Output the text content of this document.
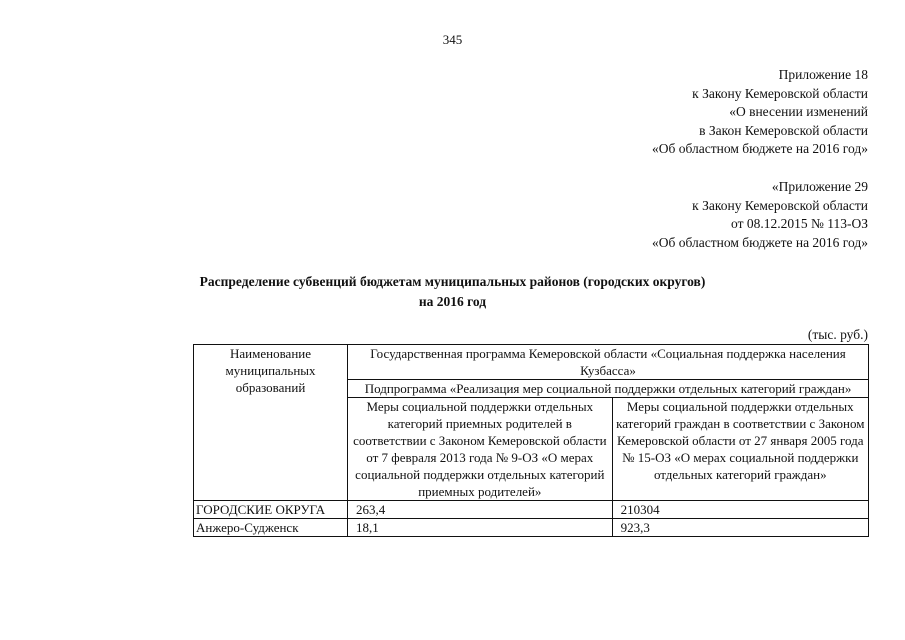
345
Приложение 18
к Закону Кемеровской области
«О внесении изменений
в Закон Кемеровской области
«Об областном бюджете на 2016 год»
«Приложение 29
к Закону Кемеровской области
от 08.12.2015 № 113-ОЗ
«Об областном бюджете на 2016 год»
Распределение субвенций бюджетам муниципальных районов (городских округов)
на 2016 год
(тыс. руб.)
Наименование муниципальных образований	Государственная программа Кемеровской области «Социальная поддержка населения Кузбасса»	
	Подпрограмма «Реализация мер социальной поддержки отдельных категорий граждан»	
	Меры социальной поддержки отдельных категорий приемных родителей в соответствии с Законом Кемеровской области от 7 февраля 2013 года № 9-ОЗ «О мерах социальной поддержки отдельных категорий приемных родителей»	Меры социальной поддержки отдельных категорий граждан в соответствии с Законом Кемеровской области от 27 января 2005 года № 15-ОЗ «О мерах социальной поддержки отдельных категорий граждан»
ГОРОДСКИЕ ОКРУГА	263,4	210304
Анжеро-Судженск	18,1	923,3
